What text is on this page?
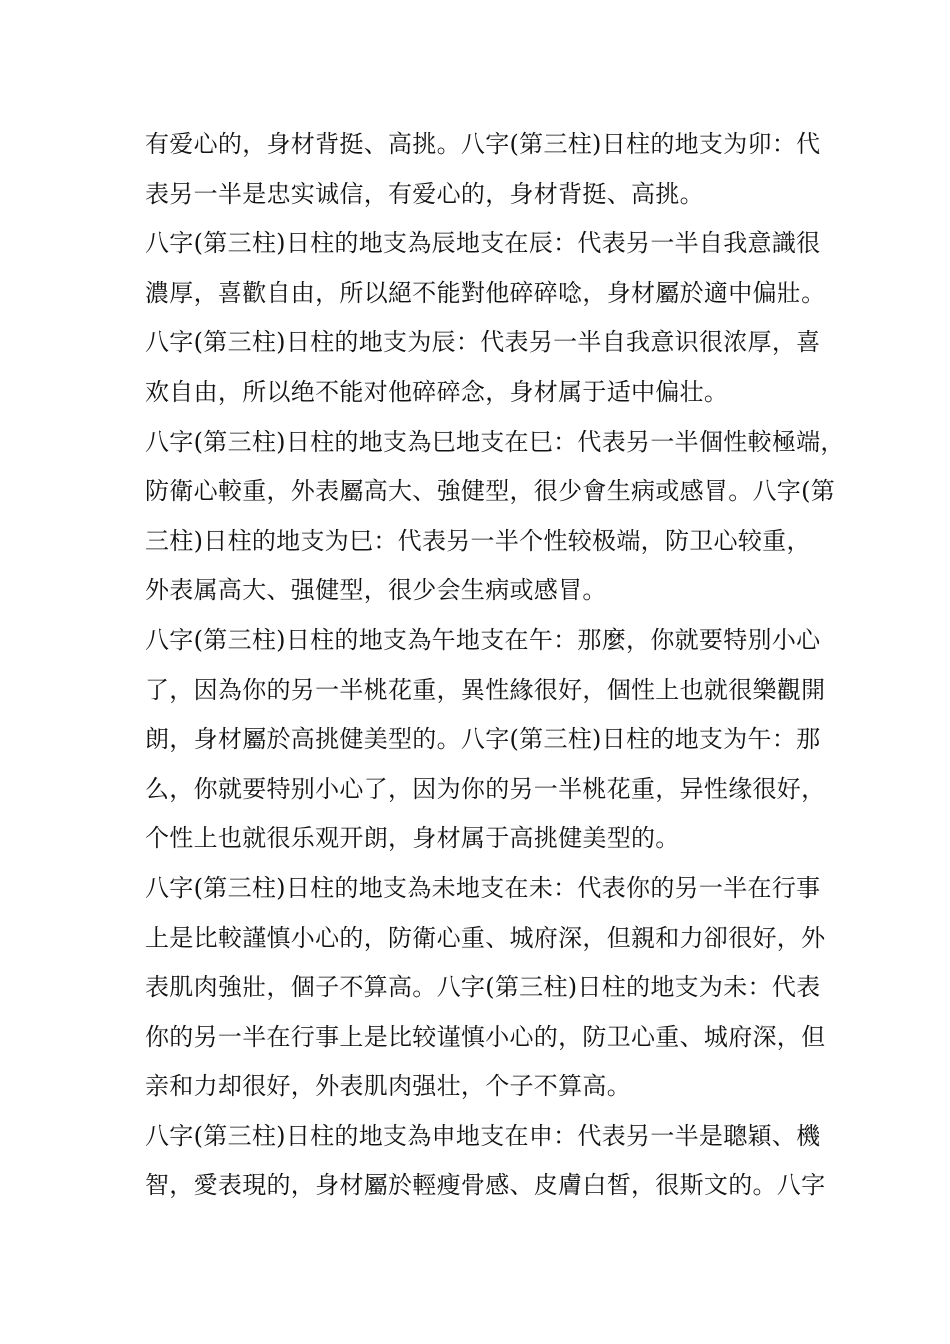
有爱心的，身材背挺、高挑。八字(第三柱)日柱的地支为卯：代
表另一半是忠实诚信，有爱心的，身材背挺、高挑。
八字(第三柱)日柱的地支為辰地支在辰：代表另一半自我意識很
濃厚，喜歡自由，所以絕不能對他碎碎唸，身材屬於適中偏壯。
八字(第三柱)日柱的地支为辰：代表另一半自我意识很浓厚，喜
欢自由，所以绝不能对他碎碎念，身材属于适中偏壮。
八字(第三柱)日柱的地支為巳地支在巳：代表另一半個性較極端，
防衛心較重，外表屬高大、強健型，很少會生病或感冒。八字(第
三柱)日柱的地支为巳：代表另一半个性较极端，防卫心较重，
外表属高大、强健型，很少会生病或感冒。
八字(第三柱)日柱的地支為午地支在午：那麼，你就要特別小心
了，因為你的另一半桃花重，異性緣很好，個性上也就很樂觀開
朗，身材屬於高挑健美型的。八字(第三柱)日柱的地支为午：那
么，你就要特别小心了，因为你的另一半桃花重，异性缘很好，
个性上也就很乐观开朗，身材属于高挑健美型的。
八字(第三柱)日柱的地支為未地支在未：代表你的另一半在行事
上是比較謹慎小心的，防衛心重、城府深，但親和力卻很好，外
表肌肉強壯，個子不算高。八字(第三柱)日柱的地支为未：代表
你的另一半在行事上是比较谨慎小心的，防卫心重、城府深，但
亲和力却很好，外表肌肉强壮，个子不算高。
八字(第三柱)日柱的地支為申地支在申：代表另一半是聰穎、機
智，愛表現的，身材屬於輕瘦骨感、皮膚白皙，很斯文的。八字
